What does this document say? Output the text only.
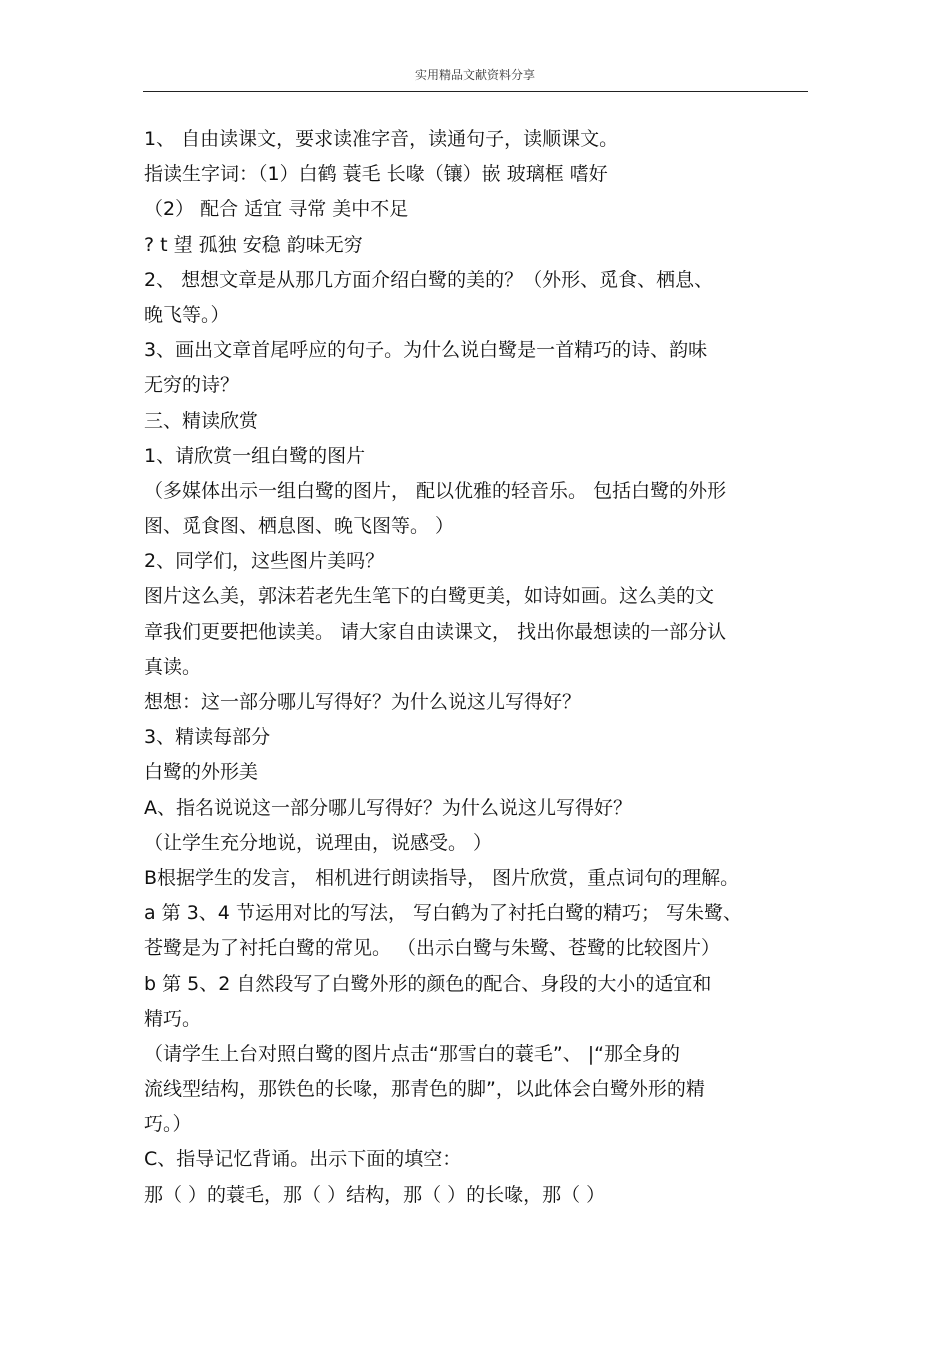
实用精品文献资料分享
1、 自由读课文，要求读准字音，读通句子，读顺课文。
指读生字词：（1）白鹤 蓑毛 长喙（镶）嵌 玻璃框 嗜好
（2） 配合 适宜 寻常 美中不足
? t 望 孤独 安稳 韵味无穷
2、 想想文章是从那几方面介绍白鹭的美的？（外形、觅食、栖息、
晚飞等。）
3、画出文章首尾呼应的句子。为什么说白鹭是一首精巧的诗、韵味
无穷的诗？
三、精读欣赏
1、请欣赏一组白鹭的图片
（多媒体出示一组白鹭的图片， 配以优雅的轻音乐。 包括白鹭的外形
图、觅食图、栖息图、晚飞图等。 ）
2、同学们，这些图片美吗？
图片这么美，郭沫若老先生笔下的白鹭更美，如诗如画。这么美的文
章我们更要把他读美。 请大家自由读课文， 找出你最想读的一部分认
真读。
想想：这一部分哪儿写得好？为什么说这儿写得好？
3、精读每部分
白鹭的外形美
A、指名说说这一部分哪儿写得好？为什么说这儿写得好？
（让学生充分地说，说理由，说感受。 ）
B根据学生的发言， 相机进行朗读指导， 图片欣赏，重点词句的理解。
a 第 3、4 节运用对比的写法， 写白鹤为了衬托白鹭的精巧； 写朱鹭、
苍鹭是为了衬托白鹭的常见。 （出示白鹭与朱鹭、苍鹭的比较图片）
b 第 5、2 自然段写了白鹭外形的颜色的配合、身段的大小的适宜和
精巧。
（请学生上台对照白鹭的图片点击“那雪白的蓑毛”、 |“那全身的
流线型结构，那铁色的长喙，那青色的脚”，以此体会白鹭外形的精
巧。）
C、指导记忆背诵。出示下面的填空：
那（ ）的蓑毛，那（ ）结构，那（ ）的长喙，那（ ）
